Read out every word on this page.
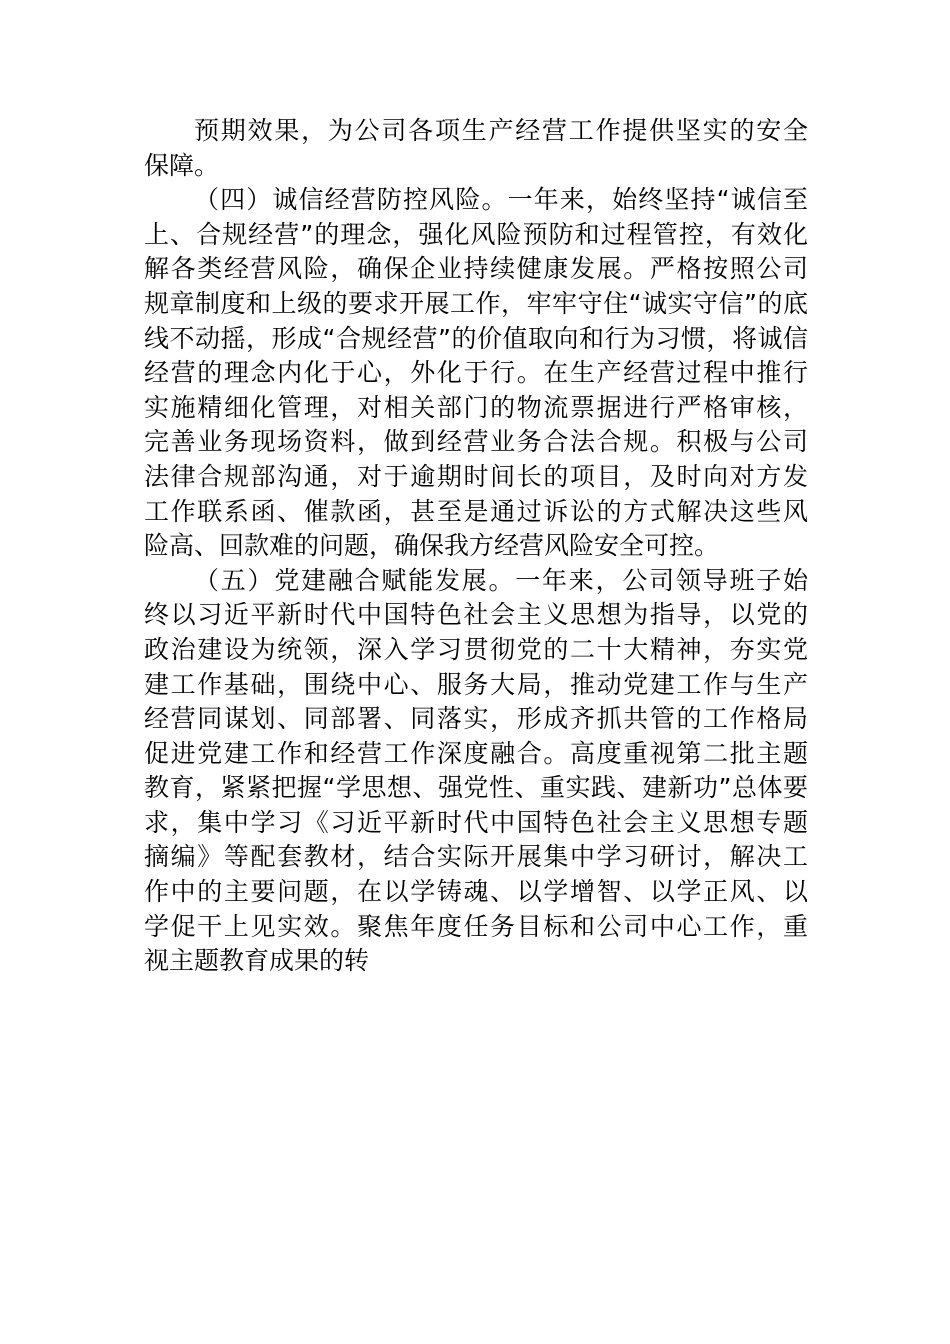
预期效果，为公司各项生产经营工作提供坚实的安全
保障。
（四）诚信经营防控风险。一年来，始终坚持“诚信至
上、合规经营”的理念，强化风险预防和过程管控，有效化
解各类经营风险，确保企业持续健康发展。严格按照公司
规章制度和上级的要求开展工作，牢牢守住“诚实守信”的底
线不动摇，形成“合规经营”的价值取向和行为习惯，将诚信
经营的理念内化于心，外化于行。在生产经营过程中推行
实施精细化管理，对相关部门的物流票据进行严格审核，
完善业务现场资料，做到经营业务合法合规。积极与公司
法律合规部沟通，对于逾期时间长的项目，及时向对方发
工作联系函、催款函，甚至是通过诉讼的方式解决这些风
险高、回款难的问题，确保我方经营风险安全可控。
（五）党建融合赋能发展。一年来，公司领导班子始
终以习近平新时代中国特色社会主义思想为指导，以党的
政治建设为统领，深入学习贯彻党的二十大精神，夯实党
建工作基础，围绕中心、服务大局，推动党建工作与生产
经营同谋划、同部署、同落实，形成齐抓共管的工作格局
促进党建工作和经营工作深度融合。高度重视第二批主题
教育，紧紧把握“学思想、强党性、重实践、建新功”总体要
求，集中学习《习近平新时代中国特色社会主义思想专题
摘编》等配套教材，结合实际开展集中学习研讨，解决工
作中的主要问题，在以学铸魂、以学增智、以学正风、以
学促干上见实效。聚焦年度任务目标和公司中心工作，重
视主题教育成果的转
